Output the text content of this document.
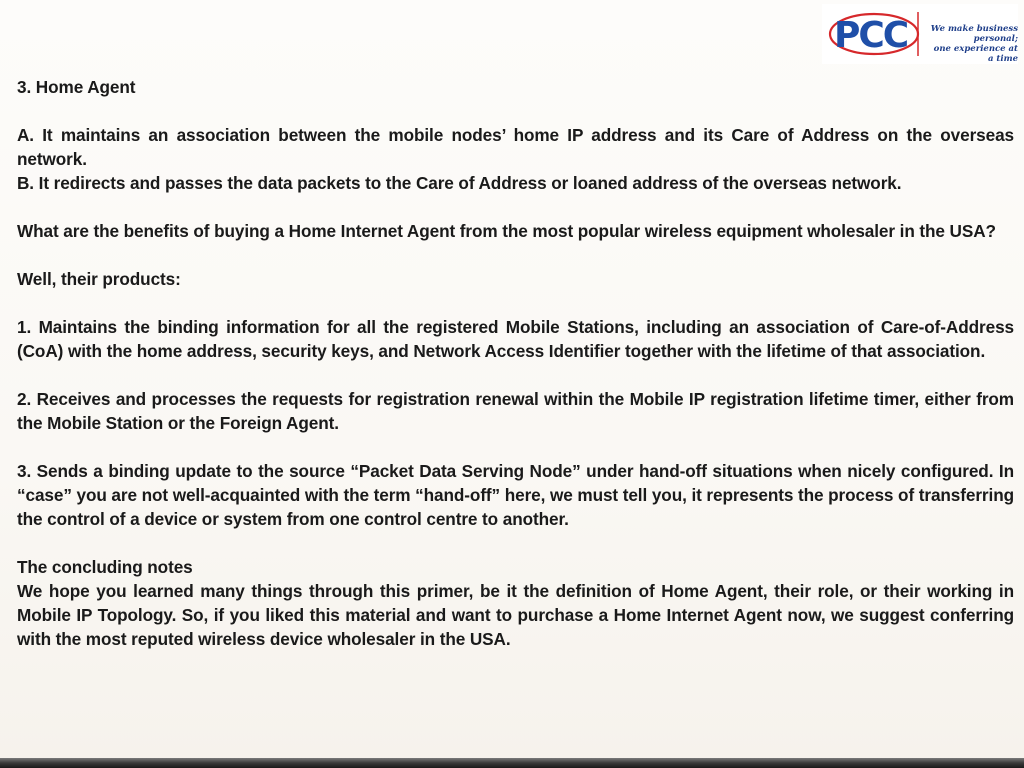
PCC	We make business personal;
one experience at a time

3. Home Agent

A. It maintains an association between the mobile nodes’ home IP address and its Care of Address on the overseas network.

B. It redirects and passes the data packets to the Care of Address or loaned address of the overseas network.

What are the benefits of buying a Home Internet Agent from the most popular wireless equipment wholesaler in the USA?

Well, their products:

1. Maintains the binding information for all the registered Mobile Stations, including an association of Care-of-Address (CoA) with the home address, security keys, and Network Access Identifier together with the lifetime of that association.

2. Receives and processes the requests for registration renewal within the Mobile IP registration lifetime timer, either from the Mobile Station or the Foreign Agent.

3. Sends a binding update to the source “Packet Data Serving Node” under hand-off situations when nicely configured. In “case” you are not well-acquainted with the term “hand-off” here, we must tell you, it represents the process of transferring the control of a device or system from one control centre to another.

The concluding notes

We hope you learned many things through this primer, be it the definition of Home Agent, their role, or their working in Mobile IP Topology. So, if you liked this material and want to purchase a Home Internet Agent now, we suggest conferring with the most reputed wireless device wholesaler in the USA.
